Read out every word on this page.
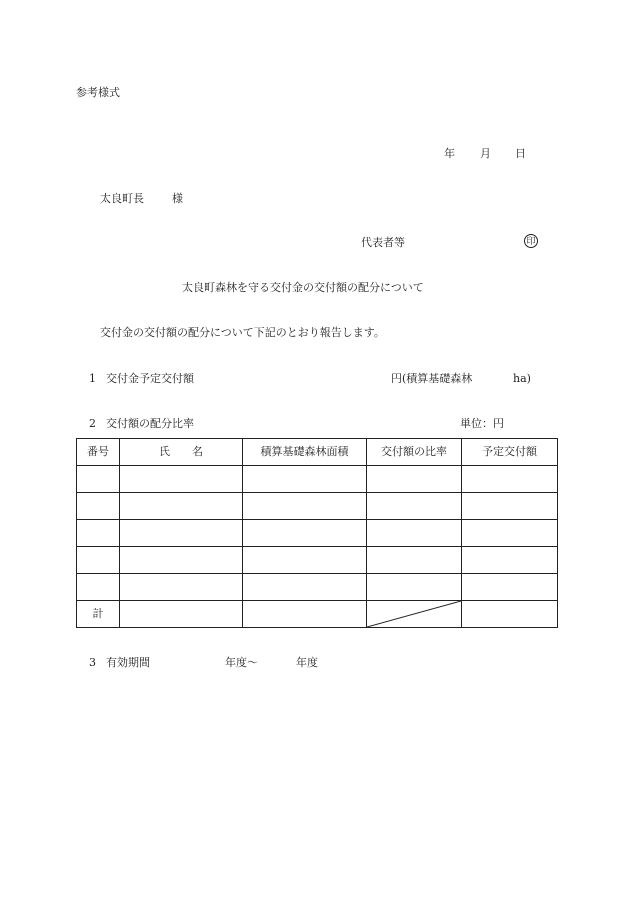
参考様式
年 月 日
太良町長	様
代表者等	印
太良町森林を守る交付金の交付額の配分について
交付金の交付額の配分について下記のとおり報告します。
1 交付金予定交付額	円(積算基礎森林	ha)
2 交付額の配分比率	単位：円
番号	氏　　名	積算基礎森林面積	交付額の比率	予定交付額

計			

3 有効期間	年度～	年度
